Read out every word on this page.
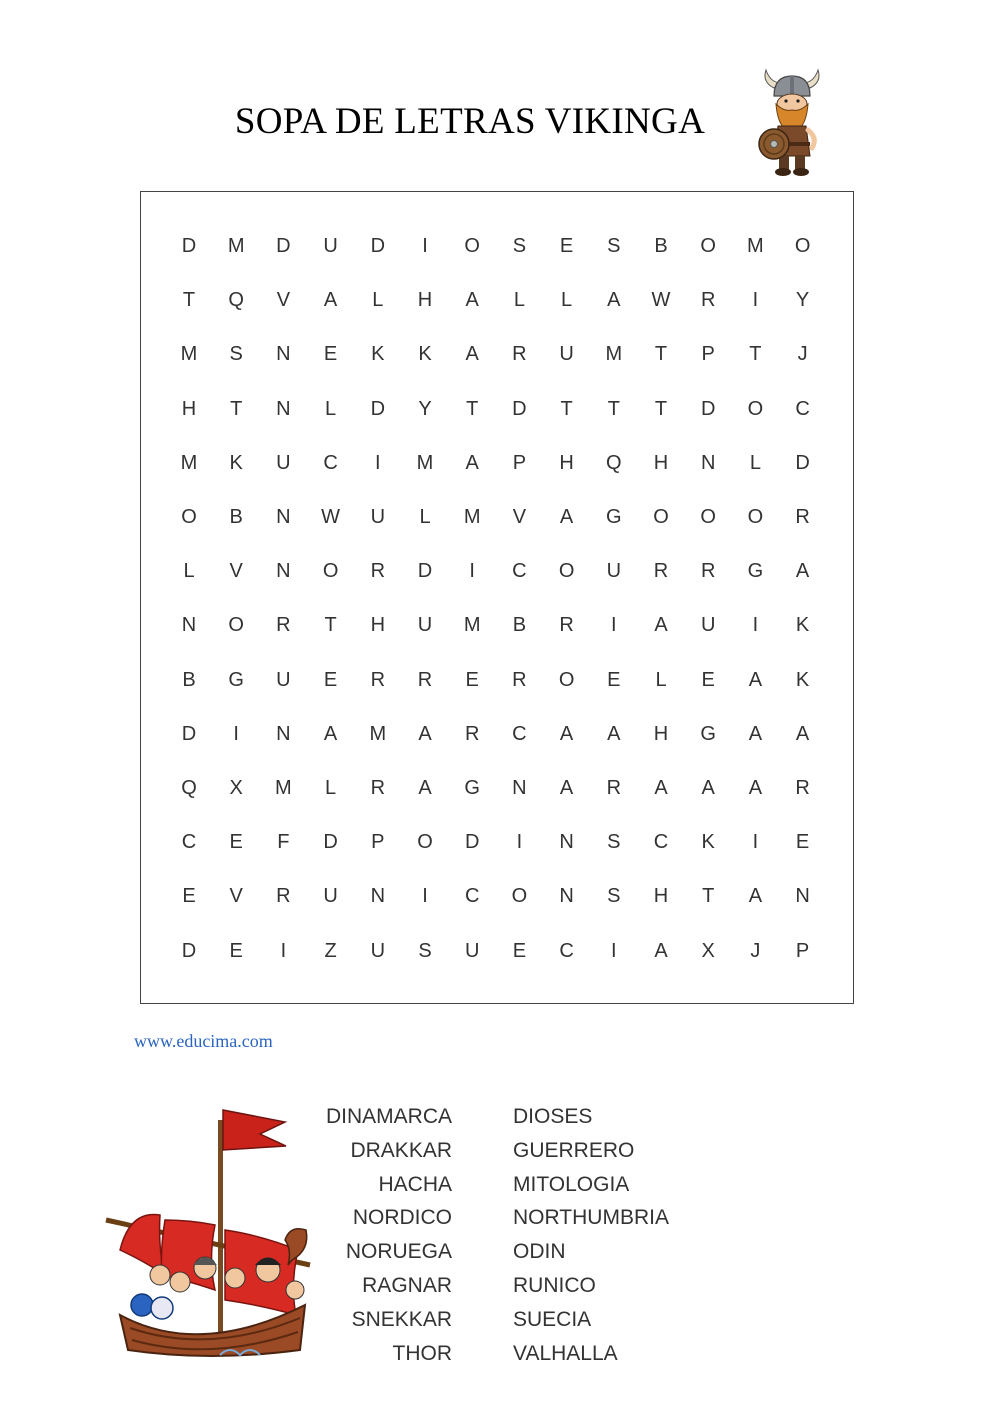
SOPA DE LETRAS VIKINGA
D	M	D	U	D	I	O	S	E	S	B	O	M	O
T	Q	V	A	L	H	A	L	L	A	W	R	I	Y
M	S	N	E	K	K	A	R	U	M	T	P	T	J
H	T	N	L	D	Y	T	D	T	T	T	D	O	C
M	K	U	C	I	M	A	P	H	Q	H	N	L	D
O	B	N	W	U	L	M	V	A	G	O	O	O	R
L	V	N	O	R	D	I	C	O	U	R	R	G	A
N	O	R	T	H	U	M	B	R	I	A	U	I	K
B	G	U	E	R	R	E	R	O	E	L	E	A	K
D	I	N	A	M	A	R	C	A	A	H	G	A	A
Q	X	M	L	R	A	G	N	A	R	A	A	A	R
C	E	F	D	P	O	D	I	N	S	C	K	I	E
E	V	R	U	N	I	C	O	N	S	H	T	A	N
D	E	I	Z	U	S	U	E	C	I	A	X	J	P
www.educima.com
DINAMARCA
DRAKKAR
HACHA
NORDICO
NORUEGA
RAGNAR
SNEKKAR
THOR
DIOSES
GUERRERO
MITOLOGIA
NORTHUMBRIA
ODIN
RUNICO
SUECIA
VALHALLA
